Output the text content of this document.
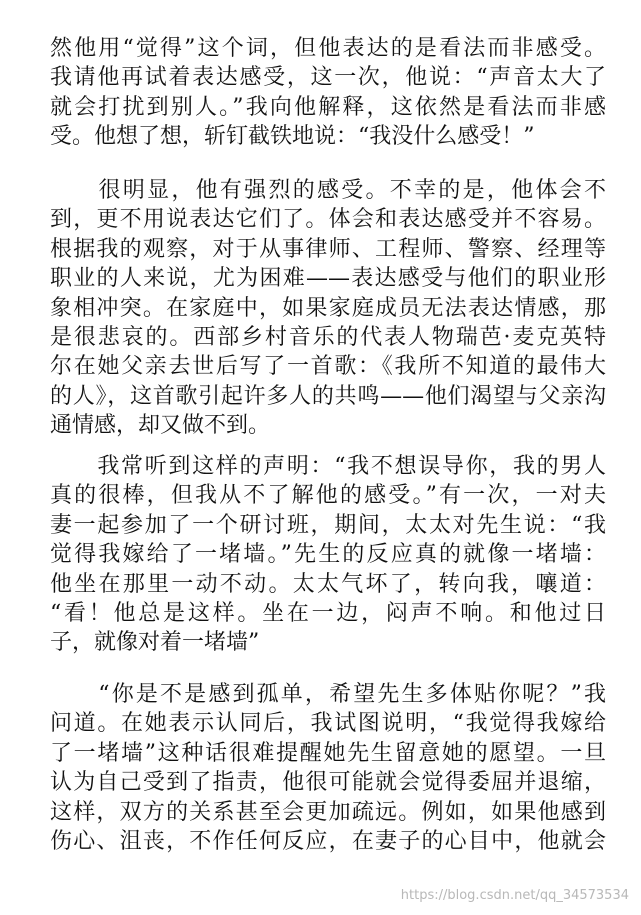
然他用“觉得”这个词，但他表达的是看法而非感受。
我请他再试着表达感受，这一次，他说：“声音太大了
就会打扰到别人。”我向他解释，这依然是看法而非感
受。他想了想，斩钉截铁地说：“我没什么感受！”
　　很明显，他有强烈的感受。不幸的是，他体会不
到，更不用说表达它们了。体会和表达感受并不容易。
根据我的观察，对于从事律师、工程师、警察、经理等
职业的人来说，尤为困难——表达感受与他们的职业形
象相冲突。在家庭中，如果家庭成员无法表达情感，那
是很悲哀的。西部乡村音乐的代表人物瑞芭·麦克英特
尔在她父亲去世后写了一首歌：《我所不知道的最伟大
的人》，这首歌引起许多人的共鸣——他们渴望与父亲沟
通情感，却又做不到。
　　我常听到这样的声明：“我不想误导你，我的男人
真的很棒，但我从不了解他的感受。”有一次，一对夫
妻一起参加了一个研讨班，期间，太太对先生说：“我
觉得我嫁给了一堵墙。”先生的反应真的就像一堵墙：
他坐在那里一动不动。太太气坏了，转向我，嚷道：
“看！他总是这样。坐在一边，闷声不响。和他过日
子，就像对着一堵墙”
　　“你是不是感到孤单，希望先生多体贴你呢？”我
问道。在她表示认同后，我试图说明，“我觉得我嫁给
了一堵墙”这种话很难提醒她先生留意她的愿望。一旦
认为自己受到了指责，他很可能就会觉得委屈并退缩，
这样，双方的关系甚至会更加疏远。例如，如果他感到
伤心、沮丧，不作任何反应，在妻子的心目中，他就会
https://blog.csdn.net/qq_34573534
